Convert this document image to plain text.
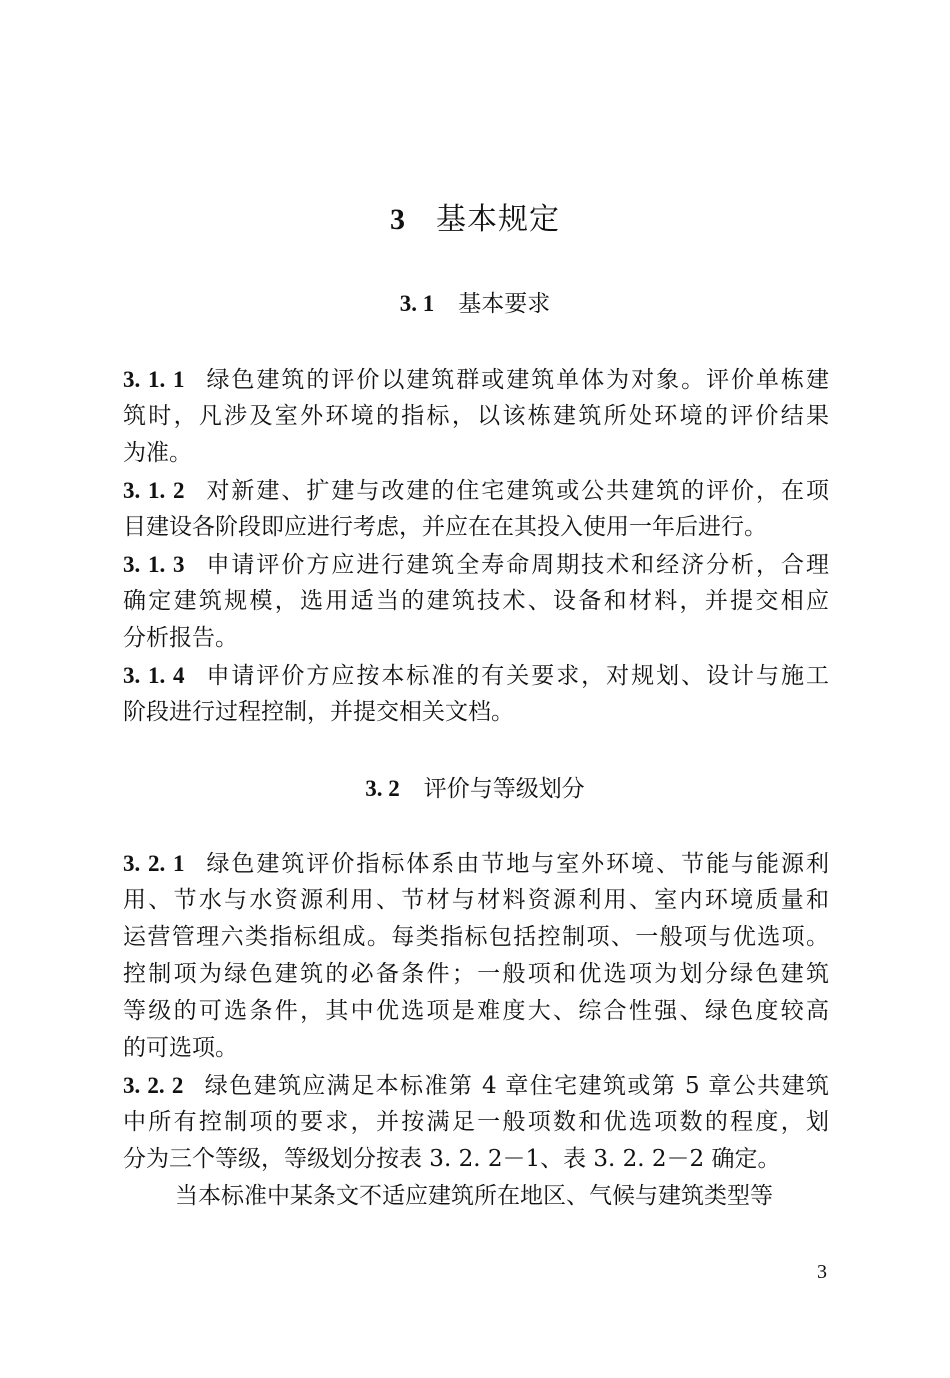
3 基本规定
3. 1 基本要求
3. 1. 1 绿色建筑的评价以建筑群或建筑单体为对象。评价单栋建
筑时，凡涉及室外环境的指标，以该栋建筑所处环境的评价结果
为准。
3. 1. 2 对新建、扩建与改建的住宅建筑或公共建筑的评价，在项
目建设各阶段即应进行考虑，并应在在其投入使用一年后进行。
3. 1. 3 申请评价方应进行建筑全寿命周期技术和经济分析，合理
确定建筑规模，选用适当的建筑技术、设备和材料，并提交相应
分析报告。
3. 1. 4 申请评价方应按本标准的有关要求，对规划、设计与施工
阶段进行过程控制，并提交相关文档。
3. 2 评价与等级划分
3. 2. 1 绿色建筑评价指标体系由节地与室外环境、节能与能源利
用、节水与水资源利用、节材与材料资源利用、室内环境质量和
运营管理六类指标组成。每类指标包括控制项、一般项与优选项。
控制项为绿色建筑的必备条件；一般项和优选项为划分绿色建筑
等级的可选条件，其中优选项是难度大、综合性强、绿色度较高
的可选项。
3. 2. 2 绿色建筑应满足本标准第 4 章住宅建筑或第 5 章公共建筑
中所有控制项的要求，并按满足一般项数和优选项数的程度，划
分为三个等级，等级划分按表 3. 2. 2－1、表 3. 2. 2－2 确定。
当本标准中某条文不适应建筑所在地区、气候与建筑类型等
3
